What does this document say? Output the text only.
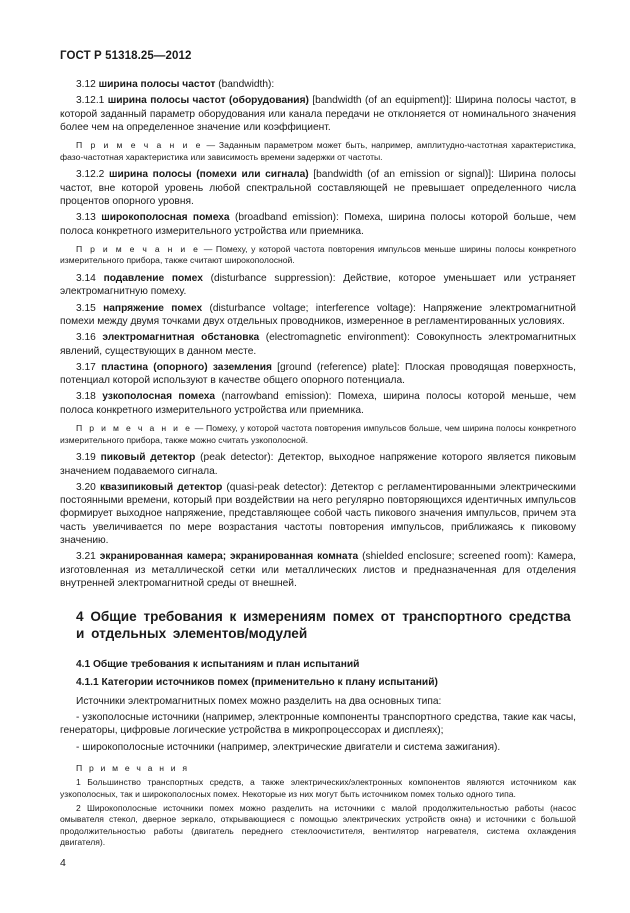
ГОСТ Р 51318.25—2012

3.12 ширина полосы частот (bandwidth):

3.12.1 ширина полосы частот (оборудования) [bandwidth (of an equipment)]: Ширина полосы частот, в которой заданный параметр оборудования или канала передачи не отклоняется от номинального значения более чем на определенное значение или коэффициент.

П р и м е ч а н и е — Заданным параметром может быть, например, амплитудно-частотная характеристика, фазо-частотная характеристика или зависимость времени задержки от частоты.

3.12.2 ширина полосы (помехи или сигнала) [bandwidth (of an emission or signal)]: Ширина полосы частот, вне которой уровень любой спектральной составляющей не превышает определенного числа процентов опорного уровня.

3.13 широкополосная помеха (broadband emission): Помеха, ширина полосы которой больше, чем полоса конкретного измерительного устройства или приемника.

П р и м е ч а н и е — Помеху, у которой частота повторения импульсов меньше ширины полосы конкретного измерительного прибора, также считают широкополосной.

3.14 подавление помех (disturbance suppression): Действие, которое уменьшает или устраняет электромагнитную помеху.

3.15 напряжение помех (disturbance voltage; interference voltage): Напряжение электромагнитной помехи между двумя точками двух отдельных проводников, измеренное в регламентированных условиях.

3.16 электромагнитная обстановка (electromagnetic environment): Совокупность электромагнитных явлений, существующих в данном месте.

3.17 пластина (опорного) заземления [ground (reference) plate]: Плоская проводящая поверхность, потенциал которой используют в качестве общего опорного потенциала.

3.18 узкополосная помеха (narrowband emission): Помеха, ширина полосы которой меньше, чем полоса конкретного измерительного устройства или приемника.

П р и м е ч а н и е — Помеху, у которой частота повторения импульсов больше, чем ширина полосы конкретного измерительного прибора, также можно считать узкополосной.

3.19 пиковый детектор (peak detector): Детектор, выходное напряжение которого является пиковым значением подаваемого сигнала.

3.20 квазипиковый детектор (quasi-peak detector): Детектор с регламентированными электрическими постоянными времени, который при воздействии на него регулярно повторяющихся идентичных импульсов формирует выходное напряжение, представляющее собой часть пикового значения импульсов, причем эта часть увеличивается по мере возрастания частоты повторения импульсов, приближаясь к пиковому значению.

3.21 экранированная камера; экранированная комната (shielded enclosure; screened room): Камера, изготовленная из металлической сетки или металлических листов и предназначенная для отделения внутренней электромагнитной среды от внешней.

4 Общие требования к измерениям помех от транспортного средства
и отдельных элементов/модулей
4.1 Общие требования к испытаниям и план испытаний
4.1.1 Категории источников помех (применительно к плану испытаний)

Источники электромагнитных помех можно разделить на два основных типа:

- узкополосные источники (например, электронные компоненты транспортного средства, такие как часы, генераторы, цифровые логические устройства в микропроцессорах и дисплеях);

- широкополосные источники (например, электрические двигатели и система зажигания).

П р и м е ч а н и я

1 Большинство транспортных средств, а также электрических/электронных компонентов являются источником как узкополосных, так и широкополосных помех. Некоторые из них могут быть источником помех только одного типа.

2 Широкополосные источники помех можно разделить на источники с малой продолжительностью работы (насос омывателя стекол, дверное зеркало, открывающиеся с помощью электрических устройств окна) и источники с большой продолжительностью работы (двигатель переднего стеклоочистителя, вентилятор нагревателя, система охлаждения двигателя).

4
